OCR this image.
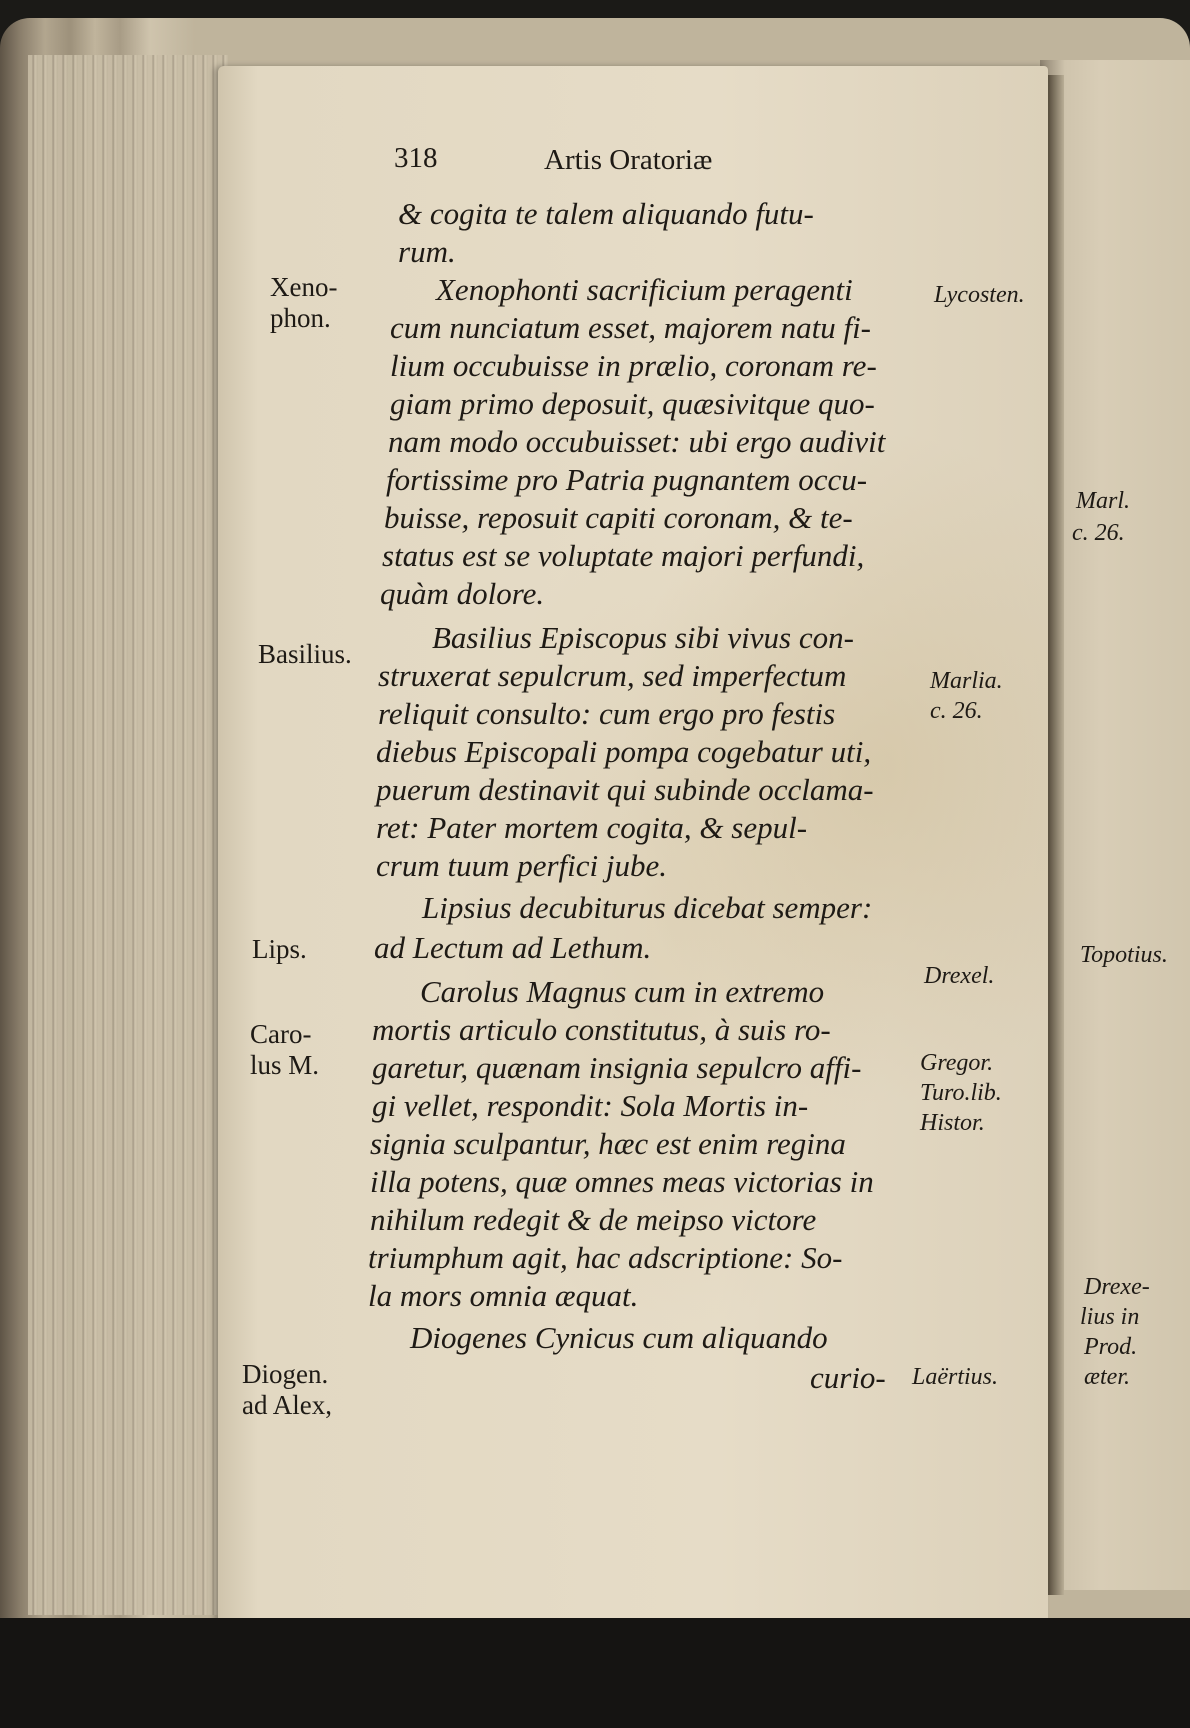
318	Artis Oratoriæ
& cogita te talem aliquando futu-
rum.
Xenophonti sacrificium peragenti
cum nunciatum esset, majorem natu fi-
lium occubuisse in prælio, coronam re-
giam primo deposuit, quæsivitque quo-
nam modo occubuisset: ubi ergo audivit
fortissime pro Patria pugnantem occu-
buisse, reposuit capiti coronam, & te-
status est se voluptate majori perfundi,
quàm dolore.
Basilius Episcopus sibi vivus con-
struxerat sepulcrum, sed imperfectum
reliquit consulto: cum ergo pro festis
diebus Episcopali pompa cogebatur uti,
puerum destinavit qui subinde occlama-
ret: Pater mortem cogita, & sepul-
crum tuum perfici jube.
Lipsius decubiturus dicebat semper:
ad Lectum ad Lethum.
Carolus Magnus cum in extremo
mortis articulo constitutus, à suis ro-
garetur, quænam insignia sepulcro affi-
gi vellet, respondit: Sola Mortis in-
signia sculpantur, hæc est enim regina
illa potens, quæ omnes meas victorias in
nihilum redegit & de meipso victore
triumphum agit, hac adscriptione: So-
la mors omnia æquat.
Diogenes Cynicus cum aliquando
curio-
Xeno-
phon.
Basilius.
Lips.
Caro-
lus M.
Diogen.
ad Alex,
Lycosten.
Marlia.
c. 26.
Drexel.
Gregor.
Turo.lib.
Histor.
Laërtius.
Marl.
c. 26.
Topotius.
Drexe-
lius in
Prod.
æter.
